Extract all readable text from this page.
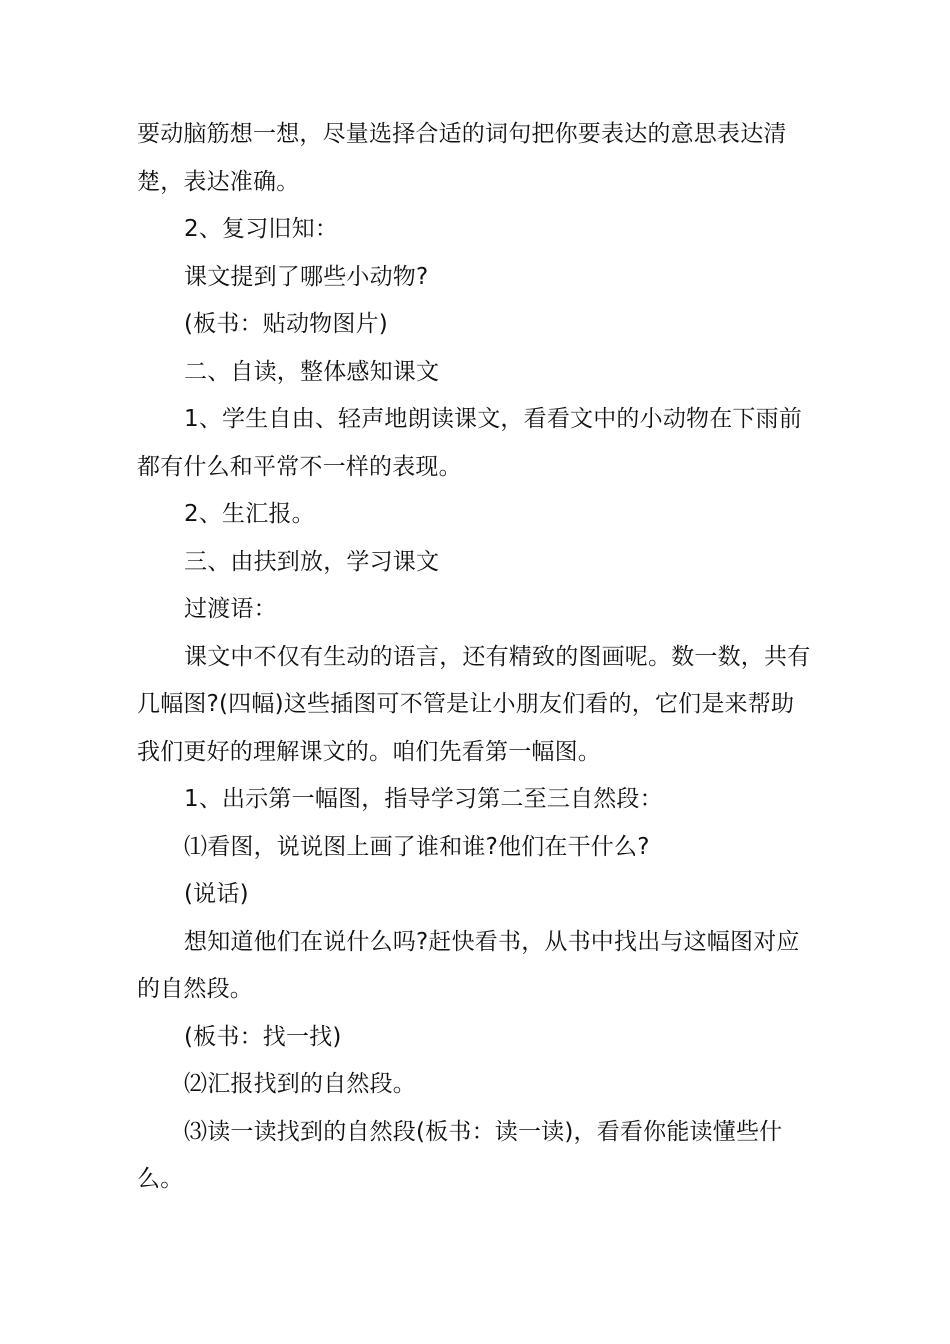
要动脑筋想一想，尽量选择合适的词句把你要表达的意思表达清楚，表达准确。

2、复习旧知：

课文提到了哪些小动物?

(板书：贴动物图片)

二、自读，整体感知课文

1、学生自由、轻声地朗读课文，看看文中的小动物在下雨前都有什么和平常不一样的表现。

2、生汇报。

三、由扶到放，学习课文

过渡语：

课文中不仅有生动的语言，还有精致的图画呢。数一数，共有几幅图?(四幅)这些插图可不管是让小朋友们看的，它们是来帮助我们更好的理解课文的。咱们先看第一幅图。

1、出示第一幅图，指导学习第二至三自然段：

⑴看图，说说图上画了谁和谁?他们在干什么?

(说话)

想知道他们在说什么吗?赶快看书，从书中找出与这幅图对应的自然段。

(板书：找一找)

⑵汇报找到的自然段。

⑶读一读找到的自然段(板书：读一读)，看看你能读懂些什么。
